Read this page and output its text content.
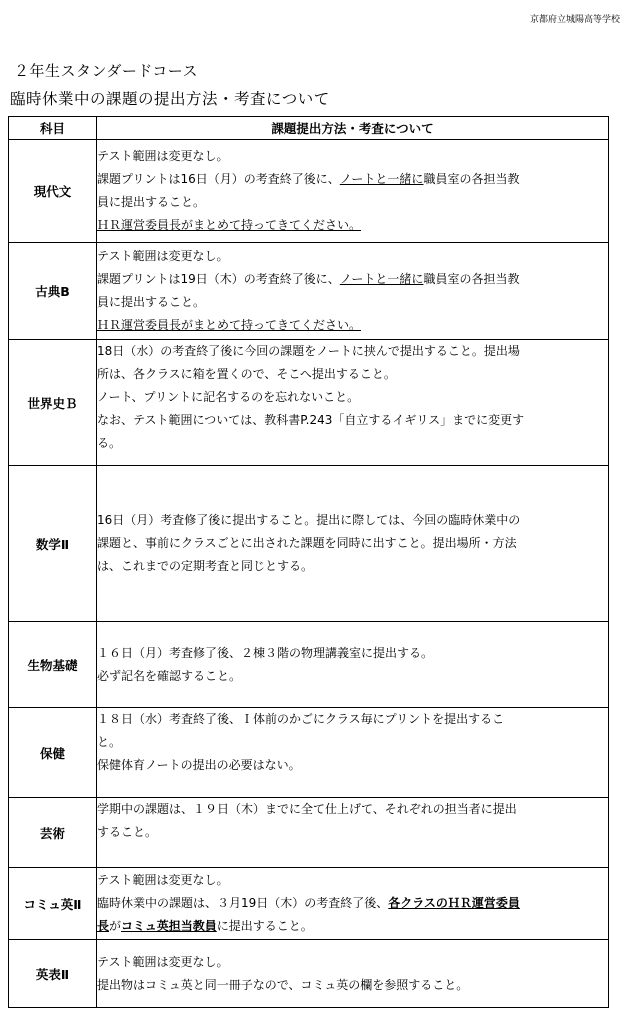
京都府立城陽高等学校
２年生スタンダードコース
臨時休業中の課題の提出方法・考査について
科目	課題提出方法・考査について
現代文	テスト範囲は変更なし。
課題プリントは16日（月）の考査終了後に、ノートと一緒に職員室の各担当教
員に提出すること。
ＨＲ運営委員長がまとめて持ってきてください。

古典B	テスト範囲は変更なし。
課題プリントは19日（木）の考査終了後に、ノートと一緒に職員室の各担当教
員に提出すること。
ＨＲ運営委員長がまとめて持ってきてください。

世界史Ｂ	18日（水）の考査終了後に今回の課題をノートに挟んで提出すること。提出場
所は、各クラスに箱を置くので、そこへ提出すること。
ノート、プリントに記名するのを忘れないこと。
なお、テスト範囲については、教科書P.243「自立するイギリス」までに変更す
る。

数学Ⅱ	16日（月）考査修了後に提出すること。提出に際しては、今回の臨時休業中の
課題と、事前にクラスごとに出された課題を同時に出すこと。提出場所・方法
は、これまでの定期考査と同じとする。

生物基礎	１６日（月）考査修了後、２棟３階の物理講義室に提出する。
必ず記名を確認すること。

保健	１８日（水）考査終了後、Ｉ体前のかごにクラス毎にプリントを提出するこ
と。
保健体育ノートの提出の必要はない。

芸術	学期中の課題は、１９日（木）までに全て仕上げて、それぞれの担当者に提出
すること。

コミュ英Ⅱ	テスト範囲は変更なし。
臨時休業中の課題は、３月19日（木）の考査終了後、各クラスのＨＲ運営委員
長がコミュ英担当教員に提出すること。

英表Ⅱ	テスト範囲は変更なし。
提出物はコミュ英と同一冊子なので、コミュ英の欄を参照すること。
